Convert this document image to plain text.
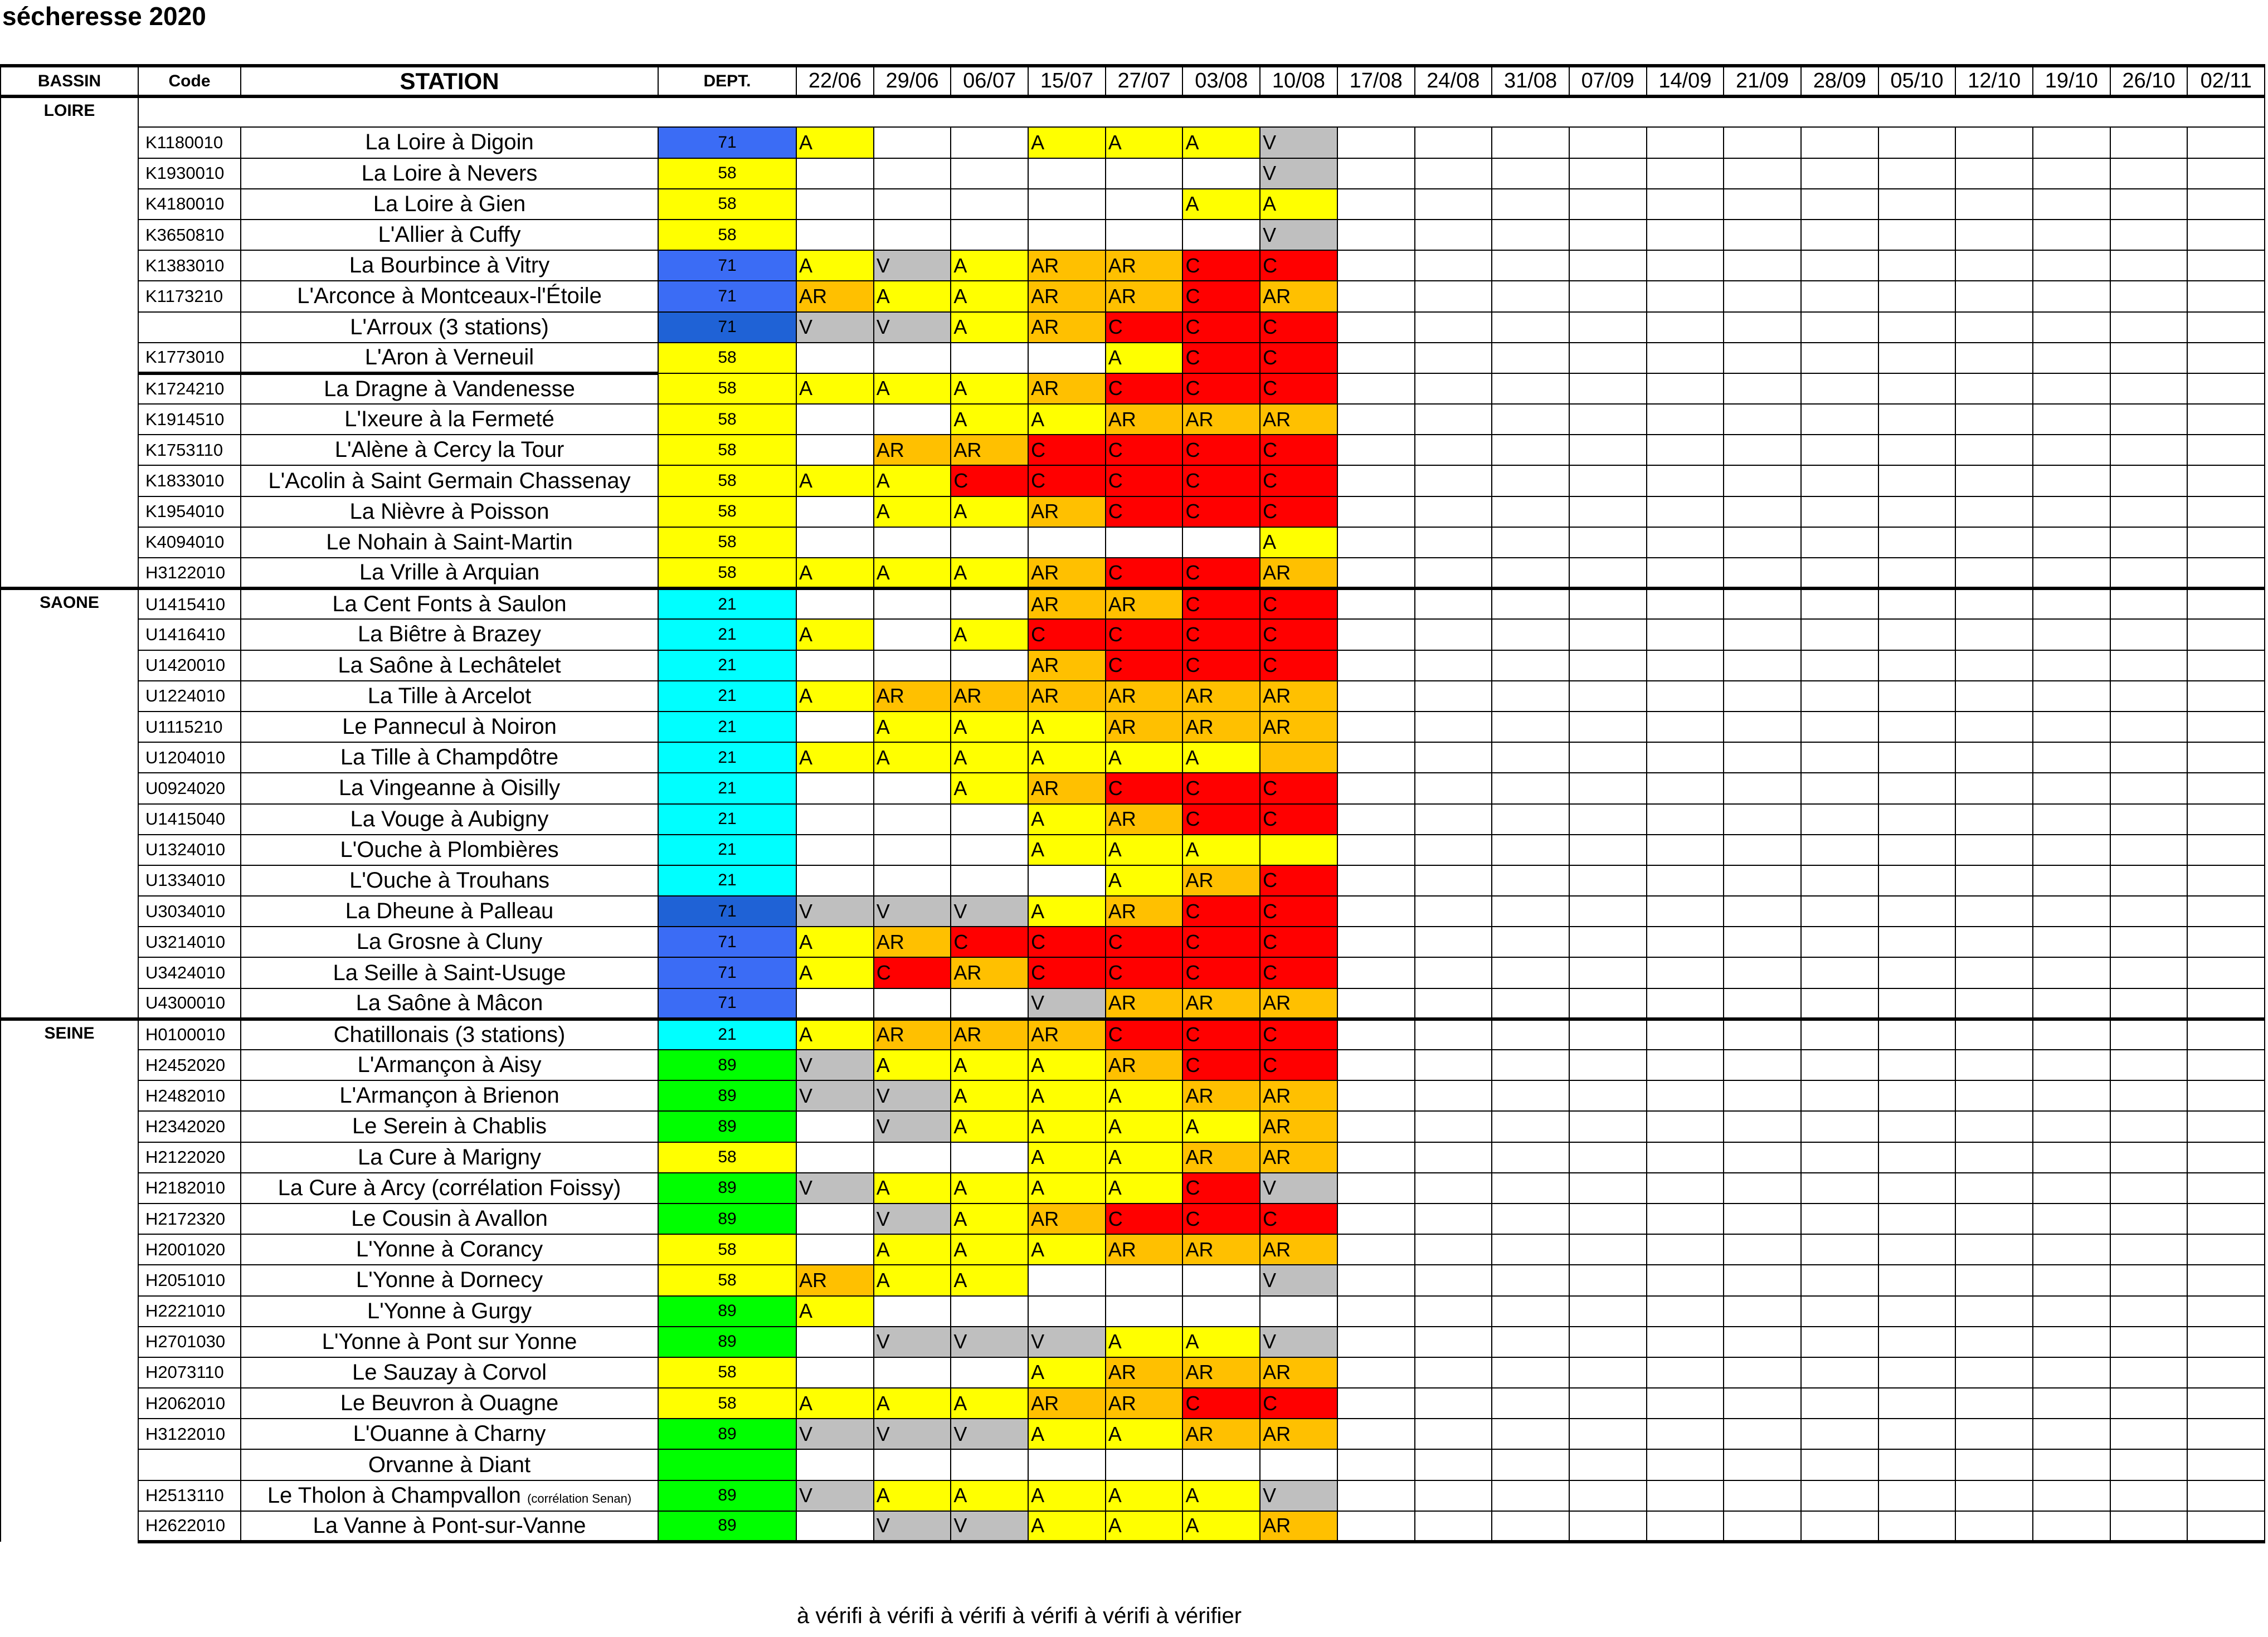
sécheresse 2020
BASSIN	Code	STATION	DEPT.	22/06	29/06	06/07	15/07	27/07	03/08	10/08	17/08	24/08	31/08	07/09	14/09	21/09	28/09	05/10	12/10	19/10	26/10	02/11
LOIRE																						
	K1180010	La Loire à Digoin	71	A			A	A	A	V												
	K1930010	La Loire à Nevers	58							V												
	K4180010	La Loire à Gien	58						A	A												
	K3650810	L'Allier à Cuffy	58							V												
	K1383010	La Bourbince à Vitry	71	A	V	A	AR	AR	C	C												
	K1173210	L'Arconce à Montceaux-l'Étoile	71	AR	A	A	AR	AR	C	AR												
		L'Arroux (3 stations)	71	V	V	A	AR	C	C	C												
	K1773010	L'Aron à Verneuil	58					A	C	C												
	K1724210	La Dragne à Vandenesse	58	A	A	A	AR	C	C	C												
	K1914510	L'Ixeure à la Fermeté	58			A	A	AR	AR	AR												
	K1753110	L'Alène à Cercy la Tour	58		AR	AR	C	C	C	C												
	K1833010	L'Acolin à Saint Germain Chassenay	58	A	A	C	C	C	C	C												
	K1954010	La Nièvre à Poisson	58		A	A	AR	C	C	C												
	K4094010	Le Nohain à Saint-Martin	58							A												
	H3122010	La Vrille à Arquian	58	A	A	A	AR	C	C	AR												
SAONE	U1415410	La Cent Fonts à Saulon	21				AR	AR	C	C												
	U1416410	La Biêtre à Brazey	21	A		A	C	C	C	C												
	U1420010	La Saône à Lechâtelet	21				AR	C	C	C												
	U1224010	La Tille à Arcelot	21	A	AR	AR	AR	AR	AR	AR												
	U1115210	Le Pannecul à Noiron	21		A	A	A	AR	AR	AR												
	U1204010	La Tille à Champdôtre	21	A	A	A	A	A	A													
	U0924020	La Vingeanne à Oisilly	21			A	AR	C	C	C												
	U1415040	La Vouge à Aubigny	21				A	AR	C	C												
	U1324010	L'Ouche à Plombières	21				A	A	A													
	U1334010	L'Ouche à Trouhans	21					A	AR	C												
	U3034010	La Dheune à Palleau	71	V	V	V	A	AR	C	C												
	U3214010	La Grosne à Cluny	71	A	AR	C	C	C	C	C												
	U3424010	La Seille à Saint-Usuge	71	A	C	AR	C	C	C	C												
	U4300010	La Saône à Mâcon	71				V	AR	AR	AR												
SEINE	H0100010	Chatillonais (3 stations)	21	A	AR	AR	AR	C	C	C												
	H2452020	L'Armançon à Aisy	89	V	A	A	A	AR	C	C												
	H2482010	L'Armançon à Brienon	89	V	V	A	A	A	AR	AR												
	H2342020	Le Serein à Chablis	89		V	A	A	A	A	AR												
	H2122020	La Cure à Marigny	58				A	A	AR	AR												
	H2182010	La Cure à Arcy (corrélation Foissy)	89	V	A	A	A	A	C	V												
	H2172320	Le Cousin à Avallon	89		V	A	AR	C	C	C												
	H2001020	L'Yonne à Corancy	58		A	A	A	AR	AR	AR												
	H2051010	L'Yonne à Dornecy	58	AR	A	A				V												
	H2221010	L'Yonne à Gurgy	89	A																		
	H2701030	L'Yonne à Pont sur Yonne	89		V	V	V	A	A	V												
	H2073110	Le Sauzay à Corvol	58				A	AR	AR	AR												
	H2062010	Le Beuvron à Ouagne	58	A	A	A	AR	AR	C	C												
	H3122010	L'Ouanne à Charny	89	V	V	V	A	A	AR	AR												
		Orvanne à Diant																				
	H2513110	Le Tholon à Champvallon (corrélation Senan)	89	V	A	A	A	A	A	V												
	H2622010	La Vanne à Pont-sur-Vanne	89		V	V	A	A	A	AR												
à vérifi à vérifi à vérifi à vérifi à vérifi à vérifier
